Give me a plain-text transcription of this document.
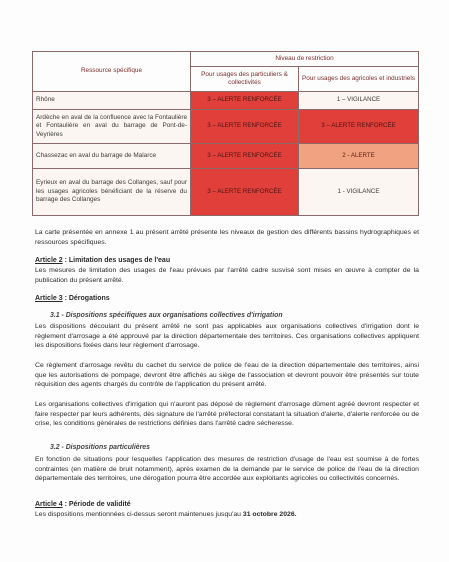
Ressource spécifique	Niveau de restriction	
	Pour usages des particuliers & collectivités	Pour usages des agricoles et industriels
Rhône	3 – ALERTE RENFORCÉE	1 – VIGILANCE
Ardèche en aval de la confluence avec la Fontaulière et Fontaulière en aval du barrage de Pont-de-Veyrières	3 – ALERTE RENFORCÉE	3 – ALERTE RENFORCÉE
Chassezac en aval du barrage de Malarce	3 – ALERTE RENFORCÉE	2 - ALERTE
Eyrieux en aval du barrage des Collanges, sauf pour les usages agricoles bénéficiant de la réserve du barrage des Collanges	3 – ALERTE RENFORCÉE	1 - VIGILANCE
La carte présentée en annexe 1 au présent arrêté présente les niveaux de gestion des différents bassins hydrographiques et ressources spécifiques.
Article 2 : Limitation des usages de l'eau
Les mesures de limitation des usages de l'eau prévues par l'arrêté cadre susvisé sont mises en œuvre à compter de la publication du présent arrêté.
Article 3 : Dérogations
3.1 - Dispositions spécifiques aux organisations collectives d'irrigation
Les dispositions découlant du présent arrêté ne sont pas applicables aux organisations collectives d'irrigation dont le règlement d'arrosage a été approuvé par la direction départementale des territoires. Ces organisations collectives appliquent les dispositions fixées dans leur règlement d'arrosage.
Ce règlement d'arrosage revêtu du cachet du service de police de l'eau de la direction départementale des territoires, ainsi que les autorisations de pompage, devront être affichés au siège de l'association et devront pouvoir être présentés sur toute réquisition des agents chargés du contrôle de l'application du présent arrêté.
Les organisations collectives d'irrigation qui n'auront pas déposé de règlement d'arrosage dûment agréé devront respecter et faire respecter par leurs adhérents, dès signature de l'arrêté préfectoral constatant la situation d'alerte, d'alerte renforcée ou de crise, les conditions générales de restrictions définies dans l'arrêté cadre sécheresse.
3.2 - Dispositions particulières
En fonction de situations pour lesquelles l'application des mesures de restriction d'usage de l'eau est soumise à de fortes contraintes (en matière de bruit notamment), après examen de la demande par le service de police de l'eau de la direction départementale des territoires, une dérogation pourra être accordée aux exploitants agricoles ou collectivités concernés.
Article 4 : Période de validité
Les dispositions mentionnées ci-dessus seront maintenues jusqu'au 31 octobre 2026.
